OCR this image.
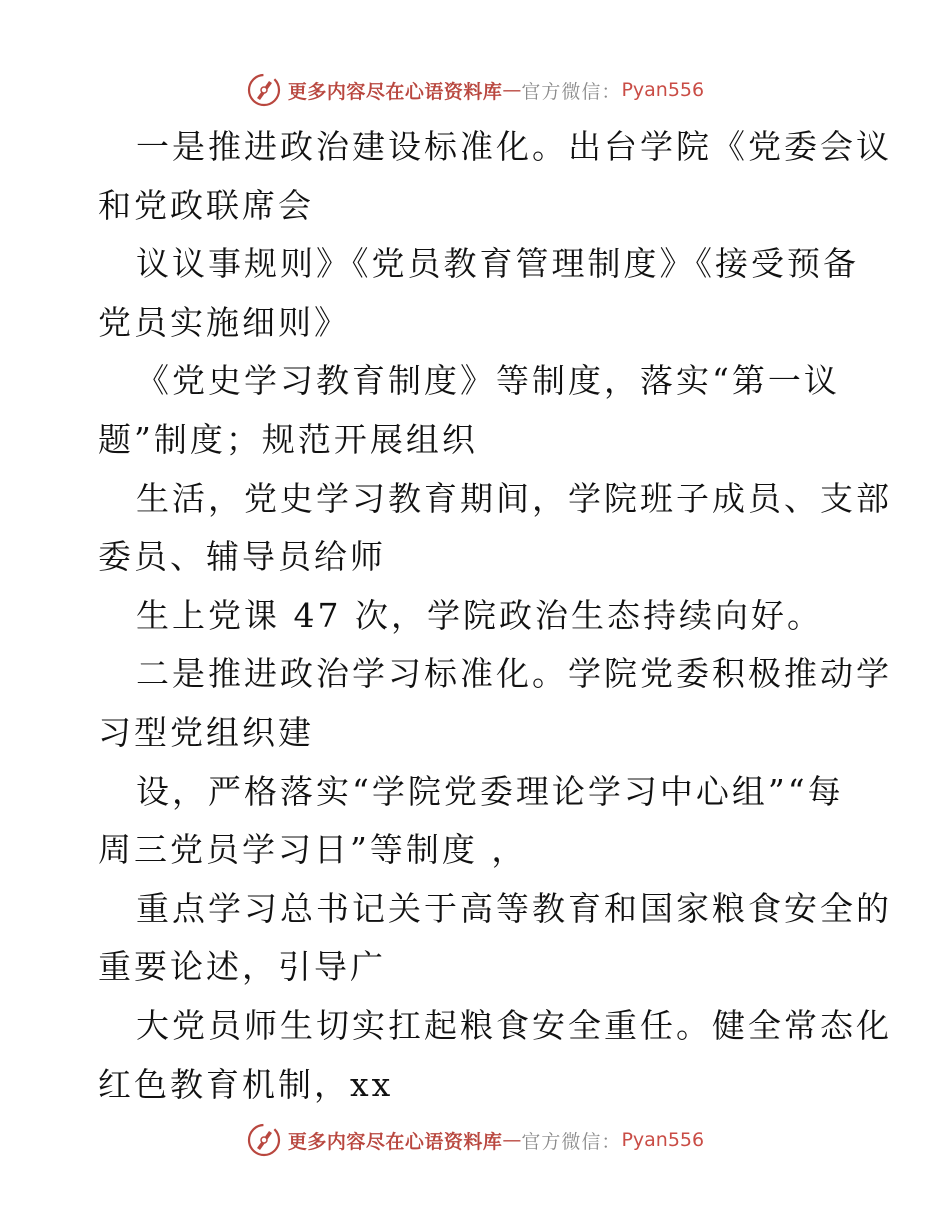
更多内容尽在心语资料库 — 官方微信： Pyan556
一是推进政治建设标准化。出台学院《党委会议
和党政联席会
议议事规则》《党员教育管理制度》《接受预备
党员实施细则》
《党史学习教育制度》等制度，落实“第一议
题”制度；规范开展组织
生活，党史学习教育期间，学院班子成员、支部
委员、辅导员给师
生上党课 47 次，学院政治生态持续向好。
二是推进政治学习标准化。学院党委积极推动学
习型党组织建
设，严格落实“学院党委理论学习中心组”“每
周三党员学习日”等制度 ，
重点学习总书记关于高等教育和国家粮食安全的
重要论述，引导广
大党员师生切实扛起粮食安全重任。健全常态化
红色教育机制，xx
更多内容尽在心语资料库 — 官方微信： Pyan556
